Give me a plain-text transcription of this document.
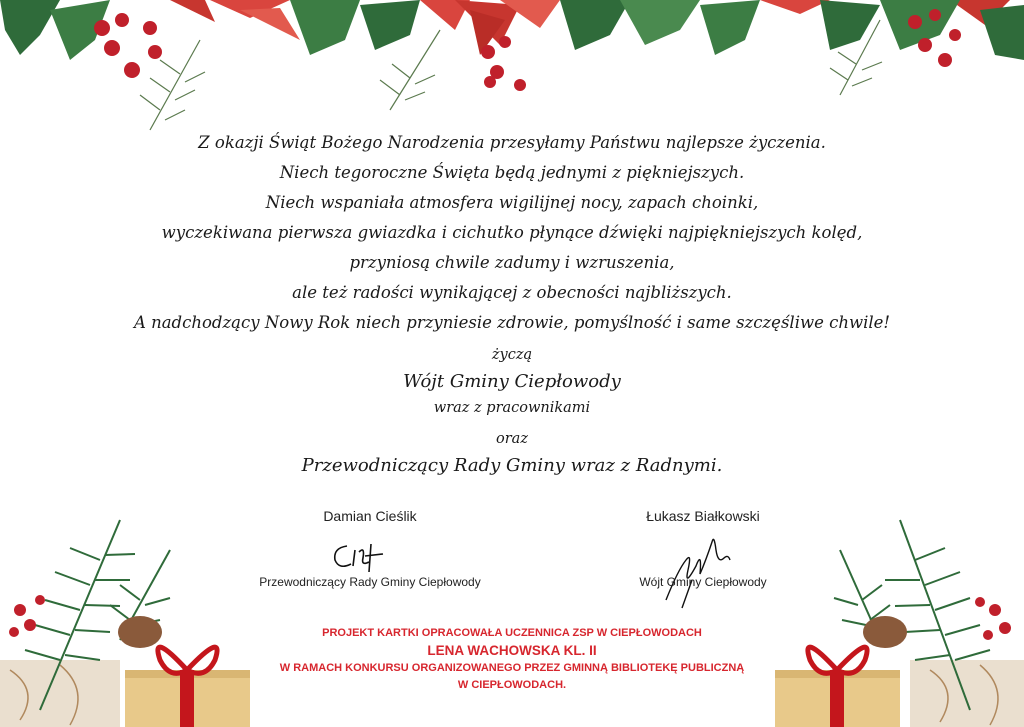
Z okazji Świąt Bożego Narodzenia przesyłamy Państwu najlepsze życzenia.
Niech tegoroczne Święta będą jednymi z piękniejszych.
Niech wspaniała atmosfera wigilijnej nocy, zapach choinki,
wyczekiwana pierwsza gwiazdka i cichutko płynące dźwięki najpiękniejszych kolęd,
przyniosą chwile zadumy i wzruszenia,
ale też radości wynikającej z obecności najbliższych.
A nadchodzący Nowy Rok niech przyniesie zdrowie, pomyślność i same szczęśliwe chwile!
życzą
Wójt Gminy Ciepłowody
wraz z pracownikami
oraz
Przewodniczący Rady Gminy wraz z Radnymi.
Damian Cieślik
Przewodniczący Rady Gminy Ciepłowody
Łukasz Białkowski
Wójt Gminy Ciepłowody
PROJEKT KARTKI OPRACOWAŁA UCZENNICA ZSP W CIEPŁOWODACH
LENA WACHOWSKA KL. II
W RAMACH KONKURSU ORGANIZOWANEGO PRZEZ GMINNĄ BIBLIOTEKĘ PUBLICZNĄ
W CIEPŁOWODACH.
